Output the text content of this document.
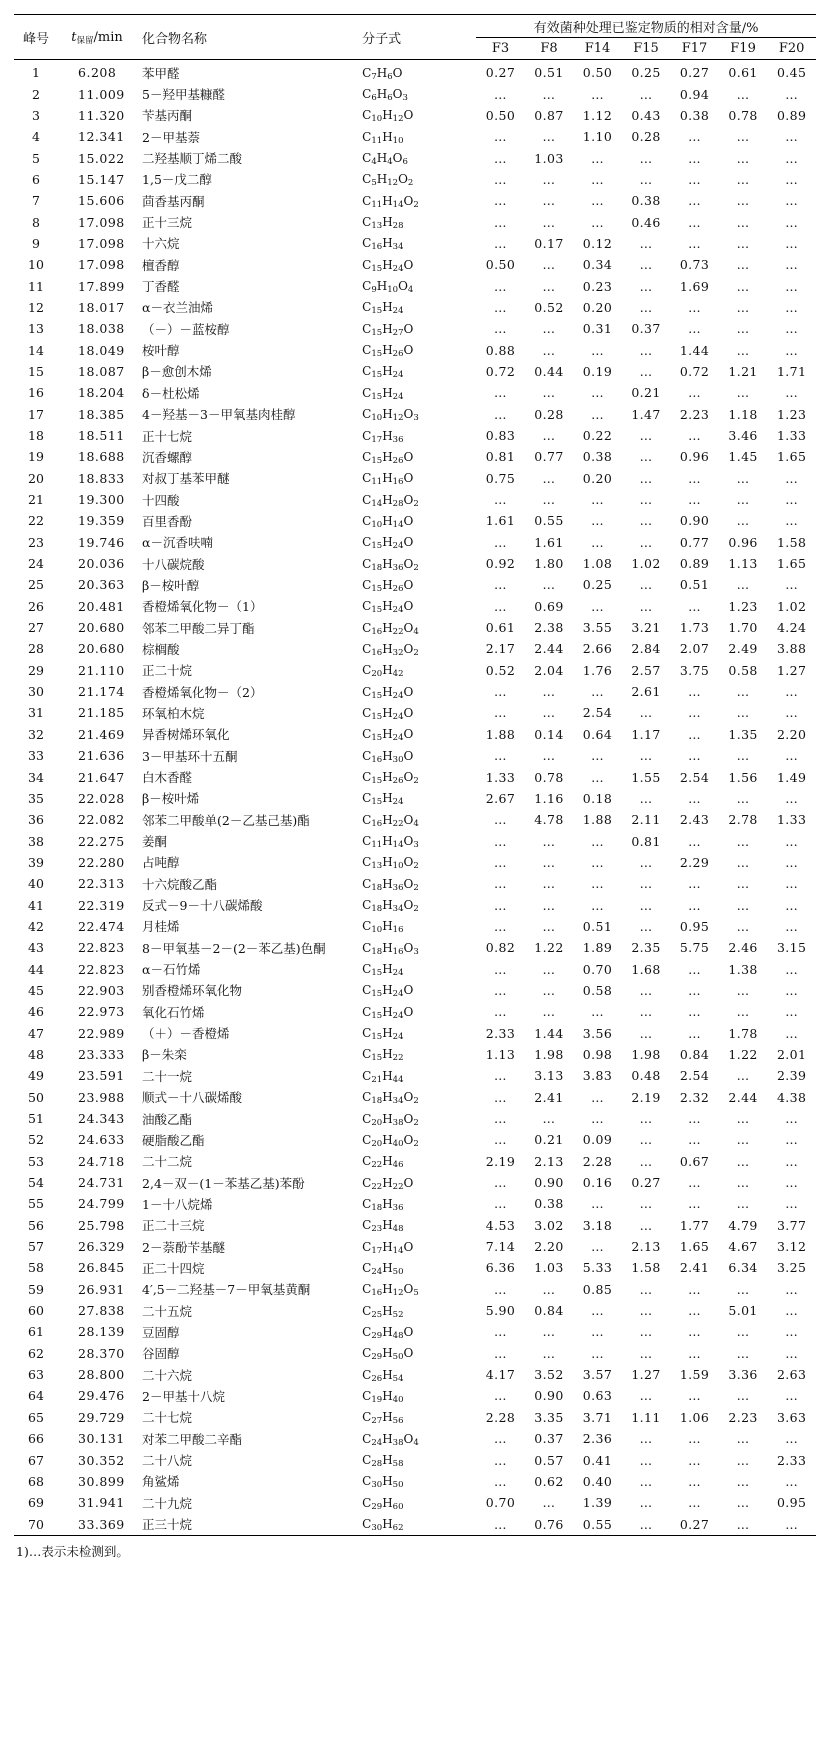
峰号	$t_{保留}/\min$	化合物名称	分子式	有效菌种处理已鉴定物质的相对含量/%						
				F3	F8	F14	F15	F17	F19	F20
1	6.208	苯甲醛	$C_7H_6O$	0.27	0.51	0.50	0.25	0.27	0.61	0.45
2	11.009	5－羟甲基糠醛	$C_6H_6O_3$	…	…	…	…	0.94	…	…
3	11.320	苄基丙酮	$C_{10}H_{12}O$	0.50	0.87	1.12	0.43	0.38	0.78	0.89
4	12.341	2－甲基萘	$C_{11}H_{10}$	…	…	1.10	0.28	…	…	…
5	15.022	二羟基顺丁烯二酸	$C_4H_4O_6$	…	1.03	…	…	…	…	…
6	15.147	1,5－戊二醇	$C_5H_{12}O_2$	…	…	…	…	…	…	…
7	15.606	茴香基丙酮	$C_{11}H_{14}O_2$	…	…	…	0.38	…	…	…
8	17.098	正十三烷	$C_{13}H_{28}$	…	…	…	0.46	…	…	…
9	17.098	十六烷	$C_{16}H_{34}$	…	0.17	0.12	…	…	…	…
10	17.098	檀香醇	$C_{15}H_{24}O$	0.50	…	0.34	…	0.73	…	…
11	17.899	丁香醛	$C_9H_{10}O_4$	…	…	0.23	…	1.69	…	…
12	18.017	α－衣兰油烯	$C_{15}H_{24}$	…	0.52	0.20	…	…	…	…
13	18.038	（－）－蓝桉醇	$C_{15}H_{27}O$	…	…	0.31	0.37	…	…	…
14	18.049	桉叶醇	$C_{15}H_{26}O$	0.88	…	…	…	1.44	…	…
15	18.087	β－愈创木烯	$C_{15}H_{24}$	0.72	0.44	0.19	…	0.72	1.21	1.71
16	18.204	δ－杜松烯	$C_{15}H_{24}$	…	…	…	0.21	…	…	…
17	18.385	4－羟基－3－甲氧基肉桂醇	$C_{10}H_{12}O_3$	…	0.28	…	1.47	2.23	1.18	1.23
18	18.511	正十七烷	$C_{17}H_{36}$	0.83	…	0.22	…	…	3.46	1.33
19	18.688	沉香螺醇	$C_{15}H_{26}O$	0.81	0.77	0.38	…	0.96	1.45	1.65
20	18.833	对叔丁基苯甲醚	$C_{11}H_{16}O$	0.75	…	0.20	…	…	…	…
21	19.300	十四酸	$C_{14}H_{28}O_2$	…	…	…	…	…	…	…
22	19.359	百里香酚	$C_{10}H_{14}O$	1.61	0.55	…	…	0.90	…	…
23	19.746	α－沉香呋喃	$C_{15}H_{24}O$	…	1.61	…	…	0.77	0.96	1.58
24	20.036	十八碳烷酸	$C_{18}H_{36}O_2$	0.92	1.80	1.08	1.02	0.89	1.13	1.65
25	20.363	β－桉叶醇	$C_{15}H_{26}O$	…	…	0.25	…	0.51	…	…
26	20.481	香橙烯氧化物－（1）	$C_{15}H_{24}O$	…	0.69	…	…	…	1.23	1.02
27	20.680	邻苯二甲酸二异丁酯	$C_{16}H_{22}O_4$	0.61	2.38	3.55	3.21	1.73	1.70	4.24
28	20.680	棕榈酸	$C_{16}H_{32}O_2$	2.17	2.44	2.66	2.84	2.07	2.49	3.88
29	21.110	正二十烷	$C_{20}H_{42}$	0.52	2.04	1.76	2.57	3.75	0.58	1.27
30	21.174	香橙烯氧化物－（2）	$C_{15}H_{24}O$	…	…	…	2.61	…	…	…
31	21.185	环氧柏木烷	$C_{15}H_{24}O$	…	…	2.54	…	…	…	…
32	21.469	异香树烯环氧化	$C_{15}H_{24}O$	1.88	0.14	0.64	1.17	…	1.35	2.20
33	21.636	3－甲基环十五酮	$C_{16}H_{30}O$	…	…	…	…	…	…	…
34	21.647	白木香醛	$C_{15}H_{26}O_2$	1.33	0.78	…	1.55	2.54	1.56	1.49
35	22.028	β－桉叶烯	$C_{15}H_{24}$	2.67	1.16	0.18	…	…	…	…
36	22.082	邻苯二甲酸单(2－乙基己基)酯	$C_{16}H_{22}O_4$	…	4.78	1.88	2.11	2.43	2.78	1.33
38	22.275	姜酮	$C_{11}H_{14}O_3$	…	…	…	0.81	…	…	…
39	22.280	占吨醇	$C_{13}H_{10}O_2$	…	…	…	…	2.29	…	…
40	22.313	十六烷酸乙酯	$C_{18}H_{36}O_2$	…	…	…	…	…	…	…
41	22.319	反式－9－十八碳烯酸	$C_{18}H_{34}O_2$	…	…	…	…	…	…	…
42	22.474	月桂烯	$C_{10}H_{16}$	…	…	0.51	…	0.95	…	…
43	22.823	8－甲氧基－2－(2－苯乙基)色酮	$C_{18}H_{16}O_3$	0.82	1.22	1.89	2.35	5.75	2.46	3.15
44	22.823	α－石竹烯	$C_{15}H_{24}$	…	…	0.70	1.68	…	1.38	…
45	22.903	别香橙烯环氧化物	$C_{15}H_{24}O$	…	…	0.58	…	…	…	…
46	22.973	氧化石竹烯	$C_{15}H_{24}O$	…	…	…	…	…	…	…
47	22.989	（＋）－香橙烯	$C_{15}H_{24}$	2.33	1.44	3.56	…	…	1.78	…
48	23.333	β－朱栾	$C_{15}H_{22}$	1.13	1.98	0.98	1.98	0.84	1.22	2.01
49	23.591	二十一烷	$C_{21}H_{44}$	…	3.13	3.83	0.48	2.54	…	2.39
50	23.988	顺式－十八碳烯酸	$C_{18}H_{34}O_2$	…	2.41	…	2.19	2.32	2.44	4.38
51	24.343	油酸乙酯	$C_{20}H_{38}O_2$	…	…	…	…	…	…	…
52	24.633	硬脂酸乙酯	$C_{20}H_{40}O_2$	…	0.21	0.09	…	…	…	…
53	24.718	二十二烷	$C_{22}H_{46}$	2.19	2.13	2.28	…	0.67	…	…
54	24.731	2,4－双－(1－苯基乙基)苯酚	$C_{22}H_{22}O$	…	0.90	0.16	0.27	…	…	…
55	24.799	1－十八烷烯	$C_{18}H_{36}$	…	0.38	…	…	…	…	…
56	25.798	正二十三烷	$C_{23}H_{48}$	4.53	3.02	3.18	…	1.77	4.79	3.77
57	26.329	2－萘酚苄基醚	$C_{17}H_{14}O$	7.14	2.20	…	2.13	1.65	4.67	3.12
58	26.845	正二十四烷	$C_{24}H_{50}$	6.36	1.03	5.33	1.58	2.41	6.34	3.25
59	26.931	4′,5－二羟基－7－甲氧基黄酮	$C_{16}H_{12}O_5$	…	…	0.85	…	…	…	…
60	27.838	二十五烷	$C_{25}H_{52}$	5.90	0.84	…	…	…	5.01	…
61	28.139	豆固醇	$C_{29}H_{48}O$	…	…	…	…	…	…	…
62	28.370	谷固醇	$C_{29}H_{50}O$	…	…	…	…	…	…	…
63	28.800	二十六烷	$C_{26}H_{54}$	4.17	3.52	3.57	1.27	1.59	3.36	2.63
64	29.476	2－甲基十八烷	$C_{19}H_{40}$	…	0.90	0.63	…	…	…	…
65	29.729	二十七烷	$C_{27}H_{56}$	2.28	3.35	3.71	1.11	1.06	2.23	3.63
66	30.131	对苯二甲酸二辛酯	$C_{24}H_{38}O_4$	…	0.37	2.36	…	…	…	…
67	30.352	二十八烷	$C_{28}H_{58}$	…	0.57	0.41	…	…	…	2.33
68	30.899	角鲨烯	$C_{30}H_{50}$	…	0.62	0.40	…	…	…	…
69	31.941	二十九烷	$C_{29}H_{60}$	0.70	…	1.39	…	…	…	0.95
70	33.369	正三十烷	$C_{30}H_{62}$	…	0.76	0.55	…	0.27	…	…
1)…表示未检测到。
